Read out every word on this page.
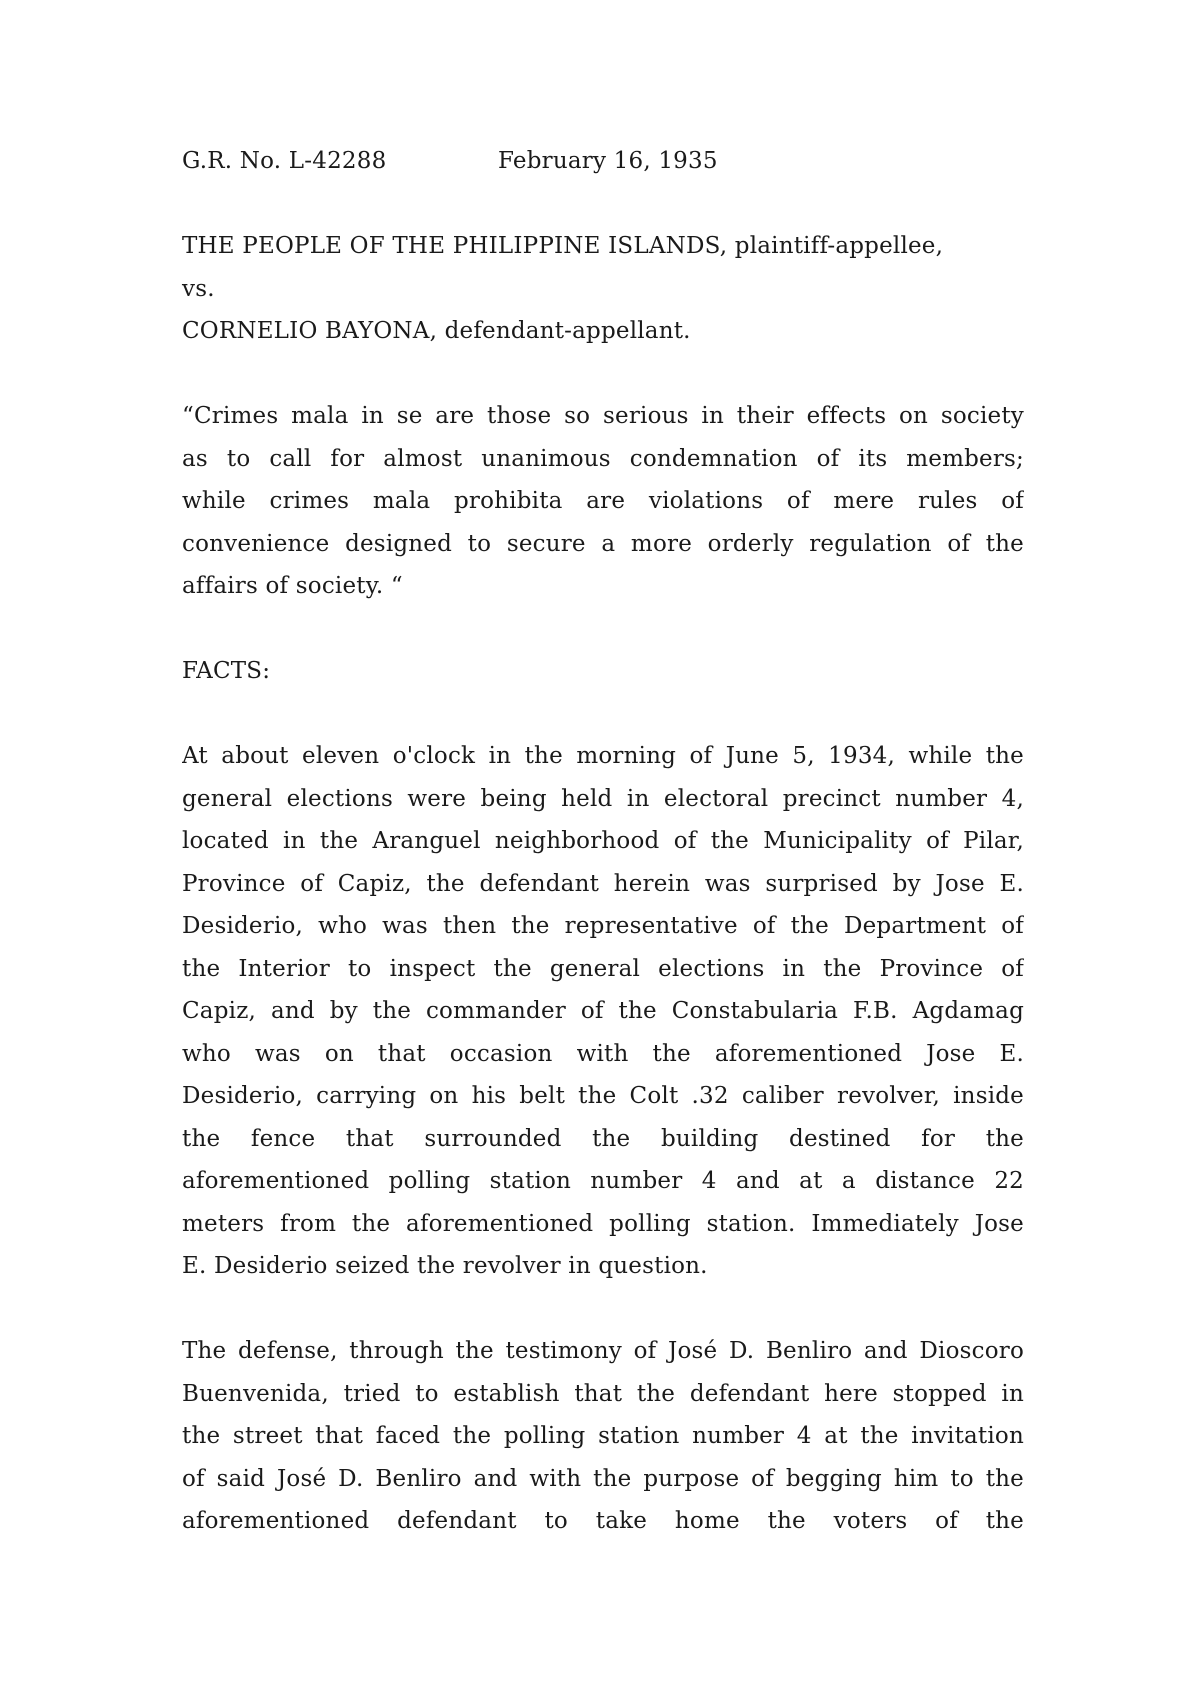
G.R. No. L-42288	February 16, 1935
THE PEOPLE OF THE PHILIPPINE ISLANDS, plaintiff-appellee,
vs.
CORNELIO BAYONA, defendant-appellant.
“Crimes mala in se are those so serious in their effects on society
as to call for almost unanimous condemnation of its members;
while crimes mala prohibita are violations of mere rules of
convenience designed to secure a more orderly regulation of the
affairs of society. “
FACTS:
At about eleven o'clock in the morning of June 5, 1934, while the
general elections were being held in electoral precinct number 4,
located in the Aranguel neighborhood of the Municipality of Pilar,
Province of Capiz, the defendant herein was surprised by Jose E.
Desiderio, who was then the representative of the Department of
the Interior to inspect the general elections in the Province of
Capiz, and by the commander of the Constabularia F.B. Agdamag
who was on that occasion with the aforementioned Jose E.
Desiderio, carrying on his belt the Colt .32 caliber revolver, inside
the fence that surrounded the building destined for the
aforementioned polling station number 4 and at a distance 22
meters from the aforementioned polling station. Immediately Jose
E. Desiderio seized the revolver in question.
The defense, through the testimony of José D. Benliro and Dioscoro
Buenvenida, tried to establish that the defendant here stopped in
the street that faced the polling station number 4 at the invitation
of said José D. Benliro and with the purpose of begging him to the
aforementioned defendant to take home the voters of the
